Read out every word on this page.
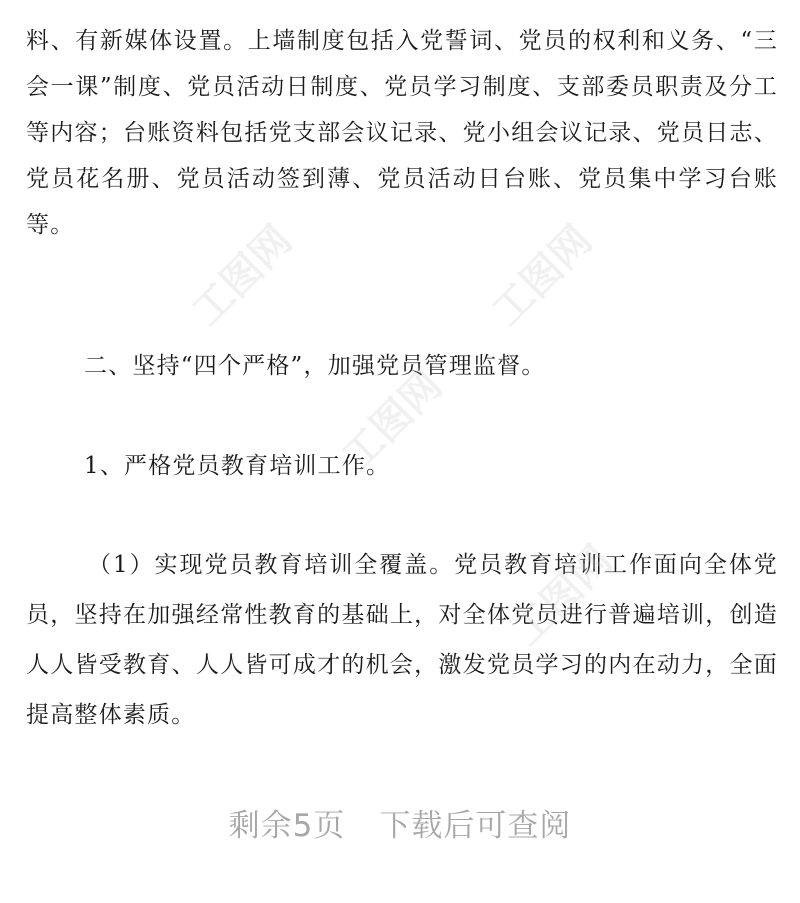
料、有新媒体设置。上墙制度包括入党誓词、党员的权利和义务、“三会一课”制度、党员活动日制度、党员学习制度、支部委员职责及分工等内容；台账资料包括党支部会议记录、党小组会议记录、党员日志、党员花名册、党员活动签到薄、党员活动日台账、党员集中学习台账等。

二、坚持“四个严格”，加强党员管理监督。

1、严格党员教育培训工作。

（1）实现党员教育培训全覆盖。党员教育培训工作面向全体党员，坚持在加强经常性教育的基础上，对全体党员进行普遍培训，创造人人皆受教育、人人皆可成才的机会，激发党员学习的内在动力，全面提高整体素质。

工图网	工图网
工图网
工图网
剩余5页 下载后可查阅
